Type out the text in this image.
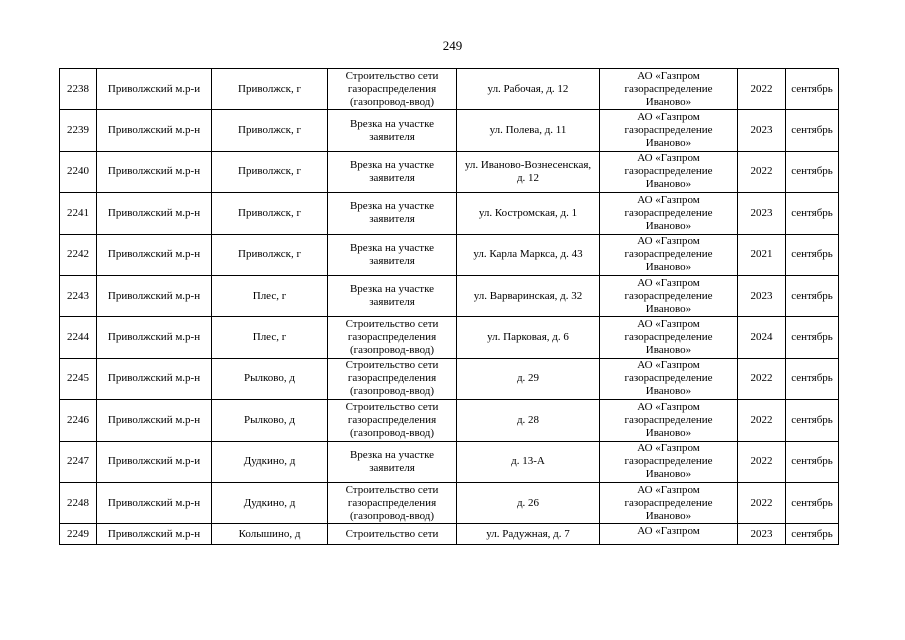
249
2238	Приволжский м.р-и	Приволжск, г	Строительство сети газораспределения (газопровод-ввод)	ул. Рабочая, д. 12	АО «Газпром газораспределение Иваново»	2022	сентябрь
2239	Приволжский м.р-н	Приволжск, г	Врезка на участке заявителя	ул. Полева, д. 11	АО «Газпром газораспределение Иваново»	2023	сентябрь
2240	Приволжский м.р-н	Приволжск, г	Врезка на участке заявителя	ул. Иваново-Вознесенская, д. 12	АО «Газпром газораспределение Иваново»	2022	сентябрь
2241	Приволжский м.р-н	Приволжск, г	Врезка на участке заявителя	ул. Костромская, д. 1	АО «Газпром газораспределение Иваново»	2023	сентябрь
2242	Приволжский м.р-н	Приволжск, г	Врезка на участке заявителя	ул. Карла Маркса, д. 43	АО «Газпром газораспределение Иваново»	2021	сентябрь
2243	Приволжский м.р-н	Плес, г	Врезка на участке заявителя	ул. Варваринская, д. 32	АО «Газпром газораспределение Иваново»	2023	сентябрь
2244	Приволжский м.р-н	Плес, г	Строительство сети газораспределения (газопровод-ввод)	ул. Парковая, д. 6	АО «Газпром газораспределение Иваново»	2024	сентябрь
2245	Приволжский м.р-н	Рылково, д	Строительство сети газораспределения (газопровод-ввод)	д. 29	АО «Газпром газораспределение Иваново»	2022	сентябрь
2246	Приволжский м.р-н	Рылково, д	Строительство сети газораспределения (газопровод-ввод)	д. 28	АО «Газпром газораспределение Иваново»	2022	сентябрь
2247	Приволжский м.р-и	Дудкино, д	Врезка на участке заявителя	д. 13-А	АО «Газпром газораспределение Иваново»	2022	сентябрь
2248	Приволжский м.р-н	Дудкино, д	Строительство сети газораспределения (газопровод-ввод)	д. 26	АО «Газпром газораспределение Иваново»	2022	сентябрь
2249	Приволжский м.р-н	Колышино, д	Строительство сети	ул. Радужная, д. 7	АО «Газпром	2023	сентябрь
